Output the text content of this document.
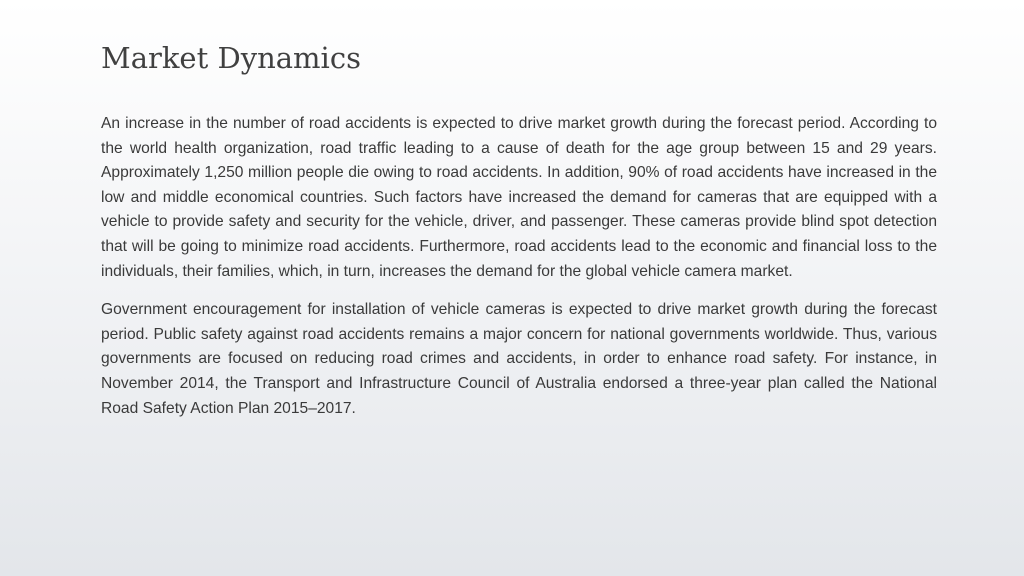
Market Dynamics

An increase in the number of road accidents is expected to drive market growth during the forecast period. According to the world health organization, road traffic leading to a cause of death for the age group between 15 and 29 years. Approximately 1,250 million people die owing to road accidents. In addition, 90% of road accidents have increased in the low and middle economical countries. Such factors have increased the demand for cameras that are equipped with a vehicle to provide safety and security for the vehicle, driver, and passenger. These cameras provide blind spot detection that will be going to minimize road accidents. Furthermore, road accidents lead to the economic and financial loss to the individuals, their families, which, in turn, increases the demand for the global vehicle camera market.

Government encouragement for installation of vehicle cameras is expected to drive market growth during the forecast period. Public safety against road accidents remains a major concern for national governments worldwide. Thus, various governments are focused on reducing road crimes and accidents, in order to enhance road safety. For instance, in November 2014, the Transport and Infrastructure Council of Australia endorsed a three-year plan called the National Road Safety Action Plan 2015–2017.
